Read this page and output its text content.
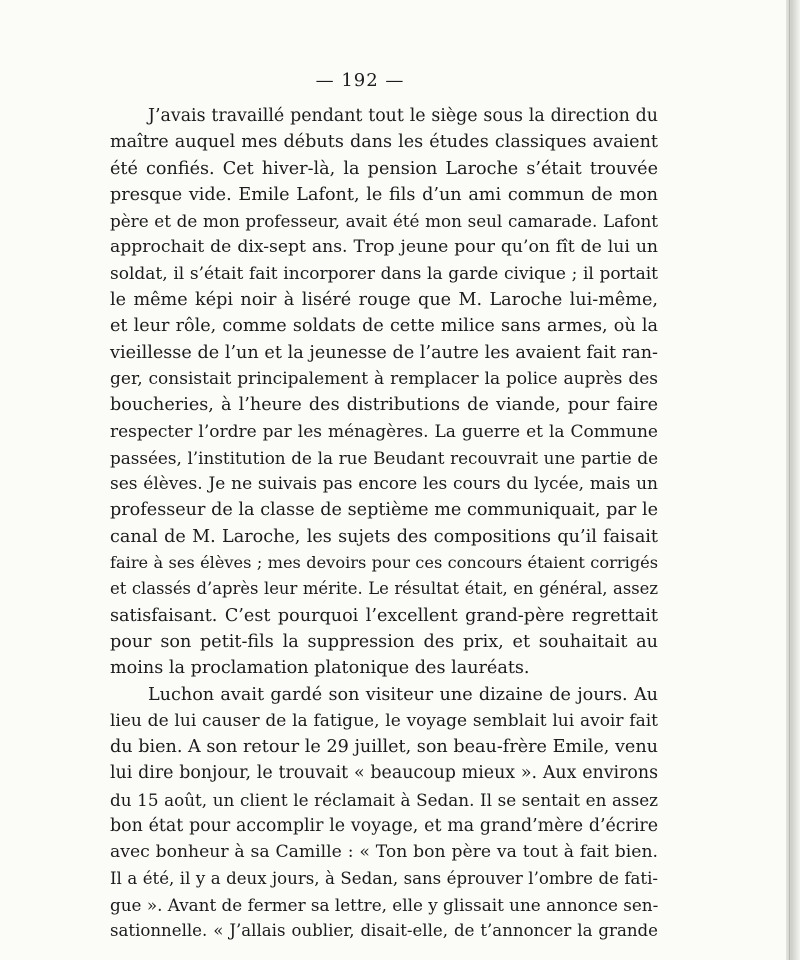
— 192 —
J’avais travaillé pendant tout le siège sous la direction du
maître auquel mes débuts dans les études classiques avaient
été confiés. Cet hiver-là, la pension Laroche s’était trouvée
presque vide. Emile Lafont, le fils d’un ami commun de mon
père et de mon professeur, avait été mon seul camarade. Lafont
approchait de dix-sept ans. Trop jeune pour qu’on fît de lui un
soldat, il s’était fait incorporer dans la garde civique ; il portait
le même képi noir à liséré rouge que M. Laroche lui-même,
et leur rôle, comme soldats de cette milice sans armes, où la
vieillesse de l’un et la jeunesse de l’autre les avaient fait ran-
ger, consistait principalement à remplacer la police auprès des
boucheries, à l’heure des distributions de viande, pour faire
respecter l’ordre par les ménagères. La guerre et la Commune
passées, l’institution de la rue Beudant recouvrait une partie de
ses élèves. Je ne suivais pas encore les cours du lycée, mais un
professeur de la classe de septième me communiquait, par le
canal de M. Laroche, les sujets des compositions qu’il faisait
faire à ses élèves ; mes devoirs pour ces concours étaient corrigés
et classés d’après leur mérite. Le résultat était, en général, assez
satisfaisant. C’est pourquoi l’excellent grand-père regrettait
pour son petit-fils la suppression des prix, et souhaitait au
moins la proclamation platonique des lauréats.
Luchon avait gardé son visiteur une dizaine de jours. Au
lieu de lui causer de la fatigue, le voyage semblait lui avoir fait
du bien. A son retour le 29 juillet, son beau-frère Emile, venu
lui dire bonjour, le trouvait « beaucoup mieux ». Aux environs
du 15 août, un client le réclamait à Sedan. Il se sentait en assez
bon état pour accomplir le voyage, et ma grand’mère d’écrire
avec bonheur à sa Camille : « Ton bon père va tout à fait bien.
Il a été, il y a deux jours, à Sedan, sans éprouver l’ombre de fati-
gue ». Avant de fermer sa lettre, elle y glissait une annonce sen-
sationnelle. « J’allais oublier, disait-elle, de t’annoncer la grande
